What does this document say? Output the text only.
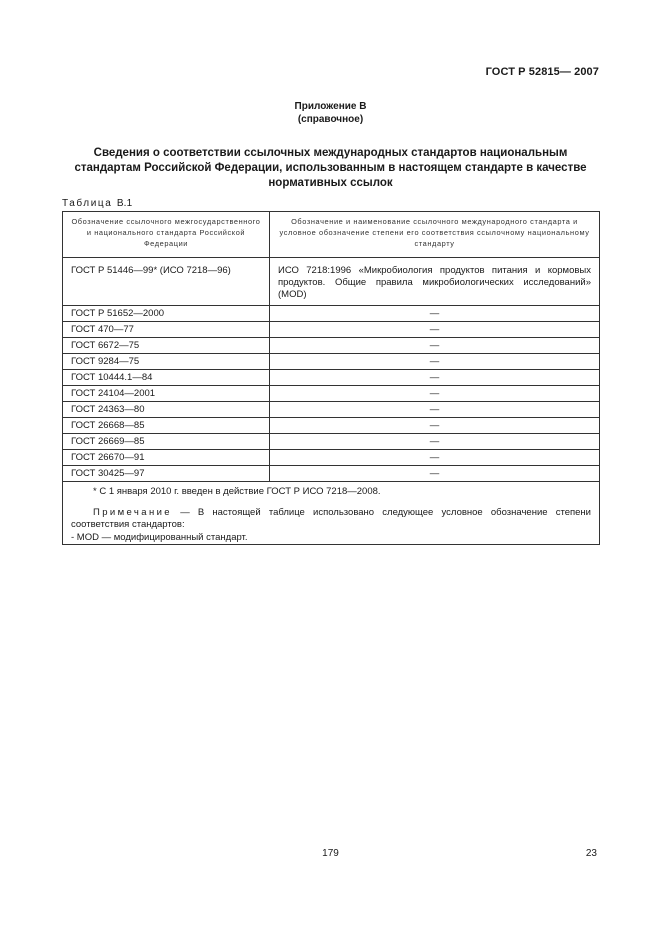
ГОСТ Р 52815— 2007
Приложение В
(справочное)
Сведения о соответствии ссылочных международных стандартов национальным стандартам Российской Федерации, использованным в настоящем стандарте в качестве нормативных ссылок
Таблица В.1
Обозначение ссылочного межгосударственного и национального стандарта Российской Федерации	Обозначение и наименование ссылочного международного стандарта и условное обозначение степени его соответствия ссылочному национальному стандарту
ГОСТ Р 51446—99* (ИСО 7218—96)	ИСО 7218:1996 «Микробиология продуктов питания и кормовых продуктов. Общие правила микробиологических исследований» (MOD)
ГОСТ Р 51652—2000	—
ГОСТ 470—77	—
ГОСТ 6672—75	—
ГОСТ 9284—75	—
ГОСТ 10444.1—84	—
ГОСТ 24104—2001	—
ГОСТ 24363—80	—
ГОСТ 26668—85	—
ГОСТ 26669—85	—
ГОСТ 26670—91	—
ГОСТ 30425—97	—

* С 1 января 2010 г. введен в действие ГОСТ Р ИСО 7218—2008.
Примечание — В настоящей таблице использовано следующее условное обозначение степени соответствия стандартов:
- MOD — модифицированный стандарт.	
179	23
